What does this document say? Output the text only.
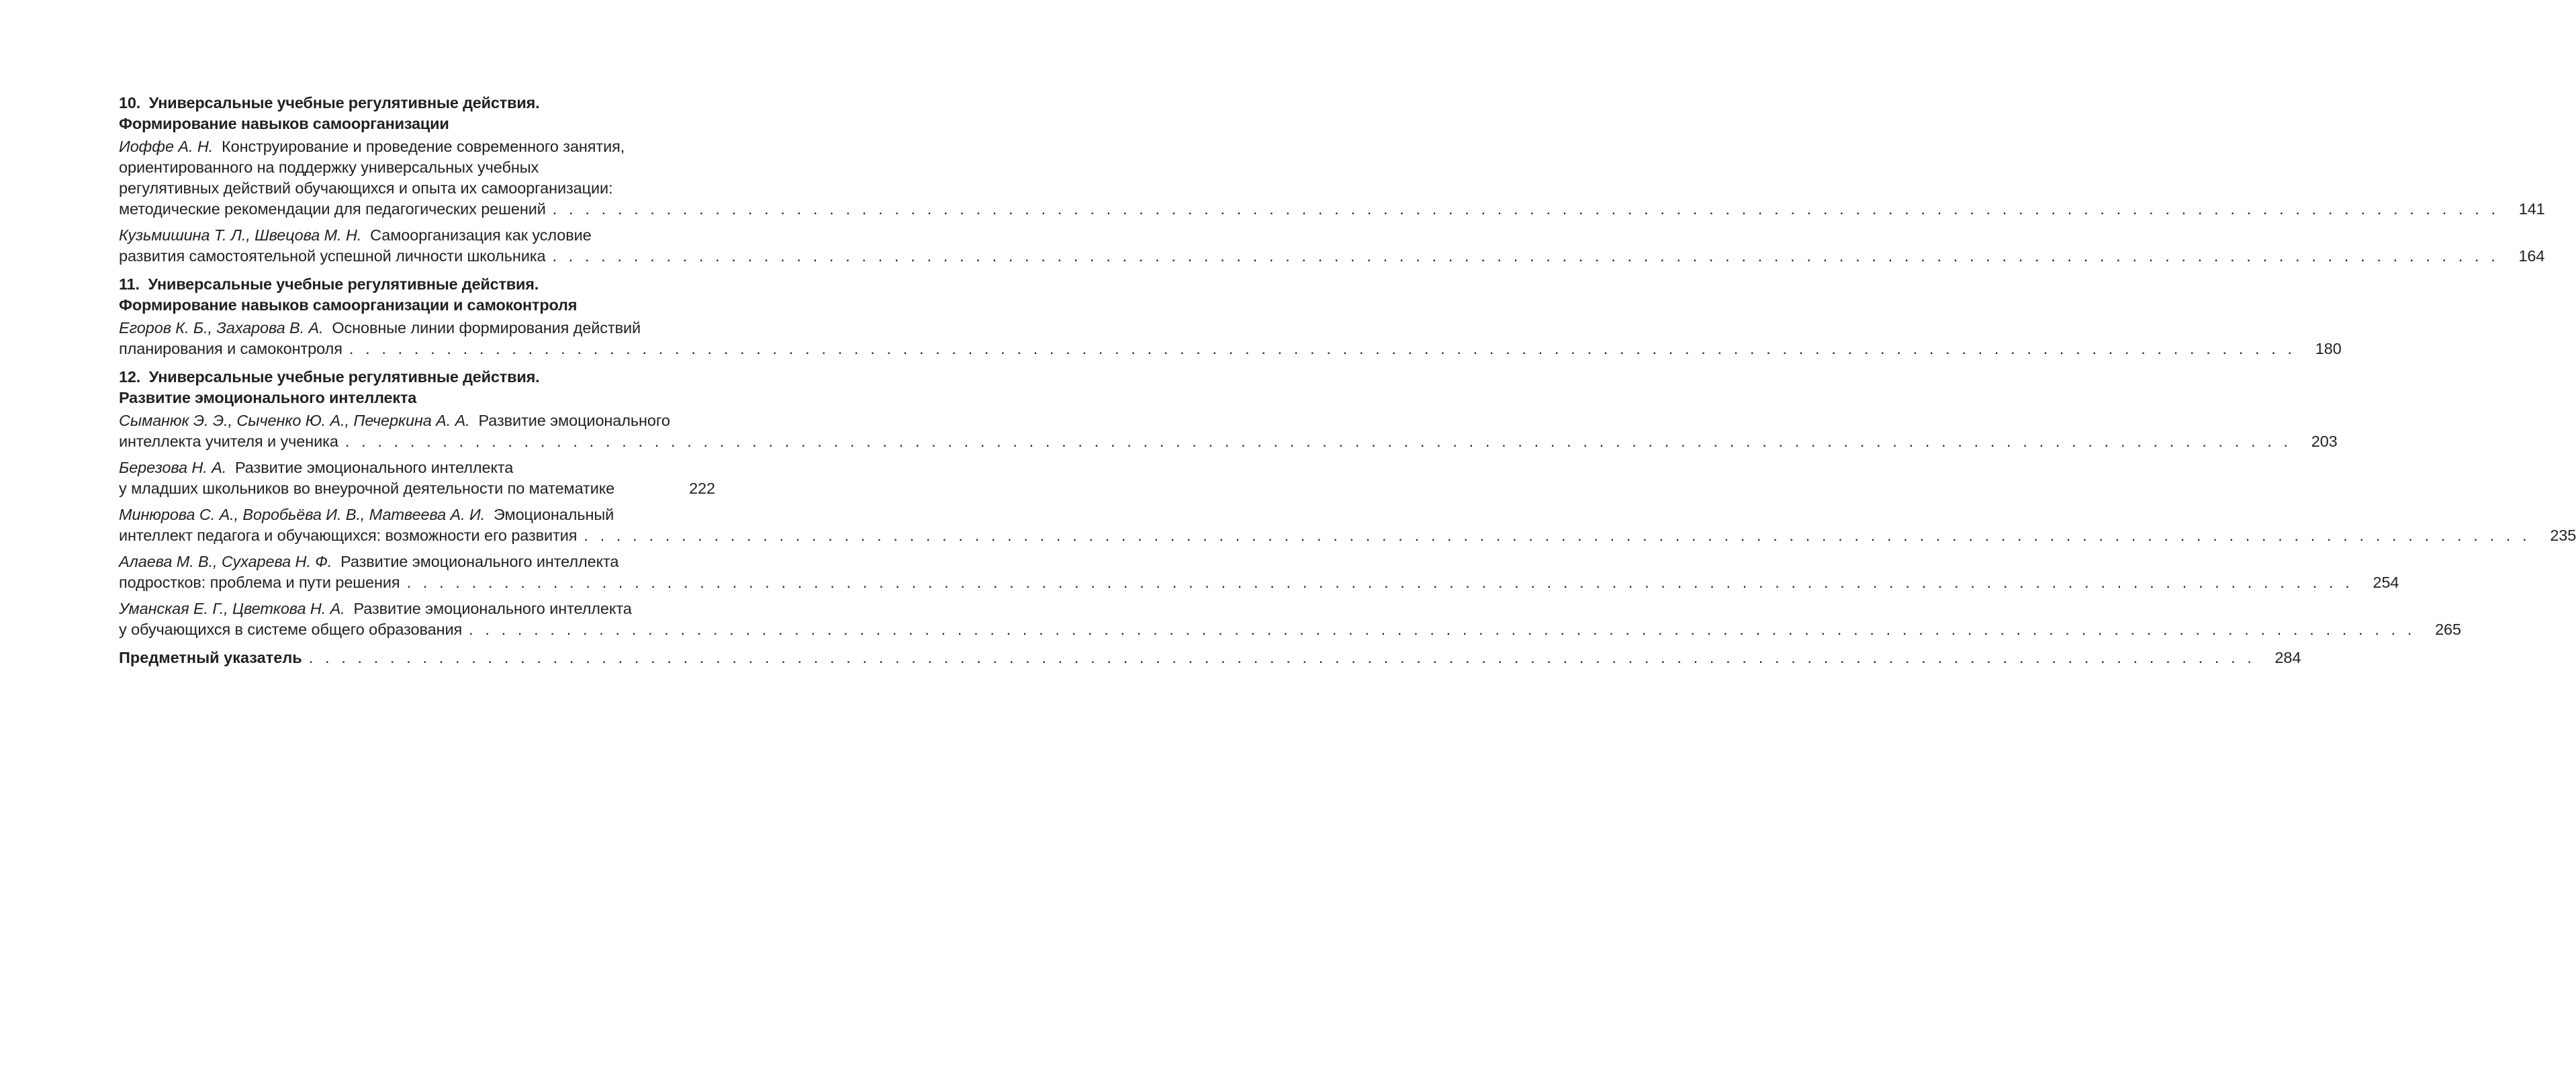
10. Универсальные учебные регулятивные действия.
Формирование навыков самоорганизации
Иоффе А. Н. Конструирование и проведение современного занятия,
ориентированного на поддержку универсальных учебных
регулятивных действий обучающихся и опыта их самоорганизации:
методические рекомендации для педагогических решений . . . . . . . . . . . . . . . . . . . . . . . . . . . . . . . . . . . . . . . . . . . . . . . . . . . . . . . . . . . . . . . . . . . . . . . . . . . . . . . . . . . . . . . . . . . . . . . . . . . . . . . . . . . . . . . . . . . . . . . . 141
Кузьмишина Т. Л., Швецова М. Н. Самоорганизация как условие
развития самостоятельной успешной личности школьника . . . . . . . . . . . . . . . . . . . . . . . . . . . . . . . . . . . . . . . . . . . . . . . . . . . . . . . . . . . . . . . . . . . . . . . . . . . . . . . . . . . . . . . . . . . . . . . . . . . . . . . . . . . . . . . . . . . . . . . . 164
11. Универсальные учебные регулятивные действия.
Формирование навыков самоорганизации и самоконтроля
Егоров К. Б., Захарова В. А. Основные линии формирования действий
планирования и самоконтроля . . . . . . . . . . . . . . . . . . . . . . . . . . . . . . . . . . . . . . . . . . . . . . . . . . . . . . . . . . . . . . . . . . . . . . . . . . . . . . . . . . . . . . . . . . . . . . . . . . . . . . . . . . . . . . . . . . . . . . . . 180
12. Универсальные учебные регулятивные действия.
Развитие эмоционального интеллекта
Сыманюк Э. Э., Сыченко Ю. А., Печеркина А. А. Развитие эмоционального
интеллекта учителя и ученика . . . . . . . . . . . . . . . . . . . . . . . . . . . . . . . . . . . . . . . . . . . . . . . . . . . . . . . . . . . . . . . . . . . . . . . . . . . . . . . . . . . . . . . . . . . . . . . . . . . . . . . . . . . . . . . . . . . . . . . . 203
Березова Н. А. Развитие эмоционального интеллекта
у младших школьников во внеурочной деятельности по математике	222
Минюрова С. А., Воробьёва И. В., Матвеева А. И. Эмоциональный
интеллект педагога и обучающихся: возможности его развития . . . . . . . . . . . . . . . . . . . . . . . . . . . . . . . . . . . . . . . . . . . . . . . . . . . . . . . . . . . . . . . . . . . . . . . . . . . . . . . . . . . . . . . . . . . . . . . . . . . . . . . . . . . . . . . . . . . . . . . . 235
Алаева М. В., Сухарева Н. Ф. Развитие эмоционального интеллекта
подростков: проблема и пути решения . . . . . . . . . . . . . . . . . . . . . . . . . . . . . . . . . . . . . . . . . . . . . . . . . . . . . . . . . . . . . . . . . . . . . . . . . . . . . . . . . . . . . . . . . . . . . . . . . . . . . . . . . . . . . . . . . . . . . . . . 254
Уманская Е. Г., Цветкова Н. А. Развитие эмоционального интеллекта
у обучающихся в системе общего образования . . . . . . . . . . . . . . . . . . . . . . . . . . . . . . . . . . . . . . . . . . . . . . . . . . . . . . . . . . . . . . . . . . . . . . . . . . . . . . . . . . . . . . . . . . . . . . . . . . . . . . . . . . . . . . . . . . . . . . . . 265
Предметный указатель . . . . . . . . . . . . . . . . . . . . . . . . . . . . . . . . . . . . . . . . . . . . . . . . . . . . . . . . . . . . . . . . . . . . . . . . . . . . . . . . . . . . . . . . . . . . . . . . . . . . . . . . . . . . . . . . . . . . . . . . 284
